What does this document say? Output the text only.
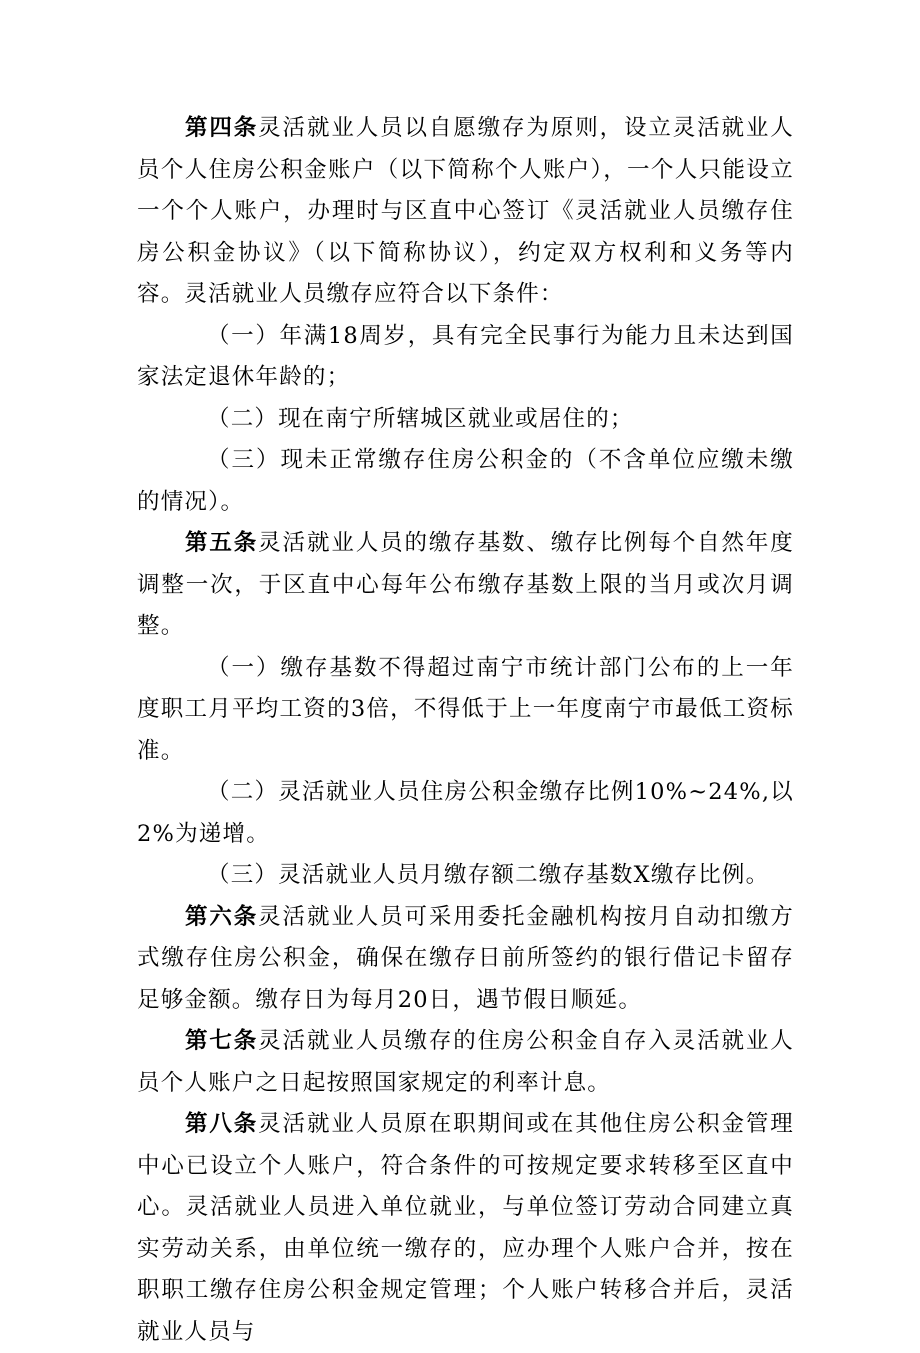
第四条灵活就业人员以自愿缴存为原则，设立灵活就业人员个人住房公积金账户（以下简称个人账户），一个人只能设立一个个人账户，办理时与区直中心签订《灵活就业人员缴存住房公积金协议》（以下简称协议），约定双方权利和义务等内容。灵活就业人员缴存应符合以下条件：

（一）年满18周岁，具有完全民事行为能力且未达到国家法定退休年龄的；

（二）现在南宁所辖城区就业或居住的；

（三）现未正常缴存住房公积金的（不含单位应缴未缴的情况）。

第五条灵活就业人员的缴存基数、缴存比例每个自然年度调整一次，于区直中心每年公布缴存基数上限的当月或次月调整。

（一）缴存基数不得超过南宁市统计部门公布的上一年度职工月平均工资的3倍，不得低于上一年度南宁市最低工资标准。

（二）灵活就业人员住房公积金缴存比例10%~24%,以2%为递增。

（三）灵活就业人员月缴存额二缴存基数X缴存比例。

第六条灵活就业人员可采用委托金融机构按月自动扣缴方式缴存住房公积金，确保在缴存日前所签约的银行借记卡留存足够金额。缴存日为每月20日，遇节假日顺延。

第七条灵活就业人员缴存的住房公积金自存入灵活就业人员个人账户之日起按照国家规定的利率计息。

第八条灵活就业人员原在职期间或在其他住房公积金管理中心已设立个人账户，符合条件的可按规定要求转移至区直中心。灵活就业人员进入单位就业，与单位签订劳动合同建立真实劳动关系，由单位统一缴存的，应办理个人账户合并，按在职职工缴存住房公积金规定管理；个人账户转移合并后，灵活就业人员与
